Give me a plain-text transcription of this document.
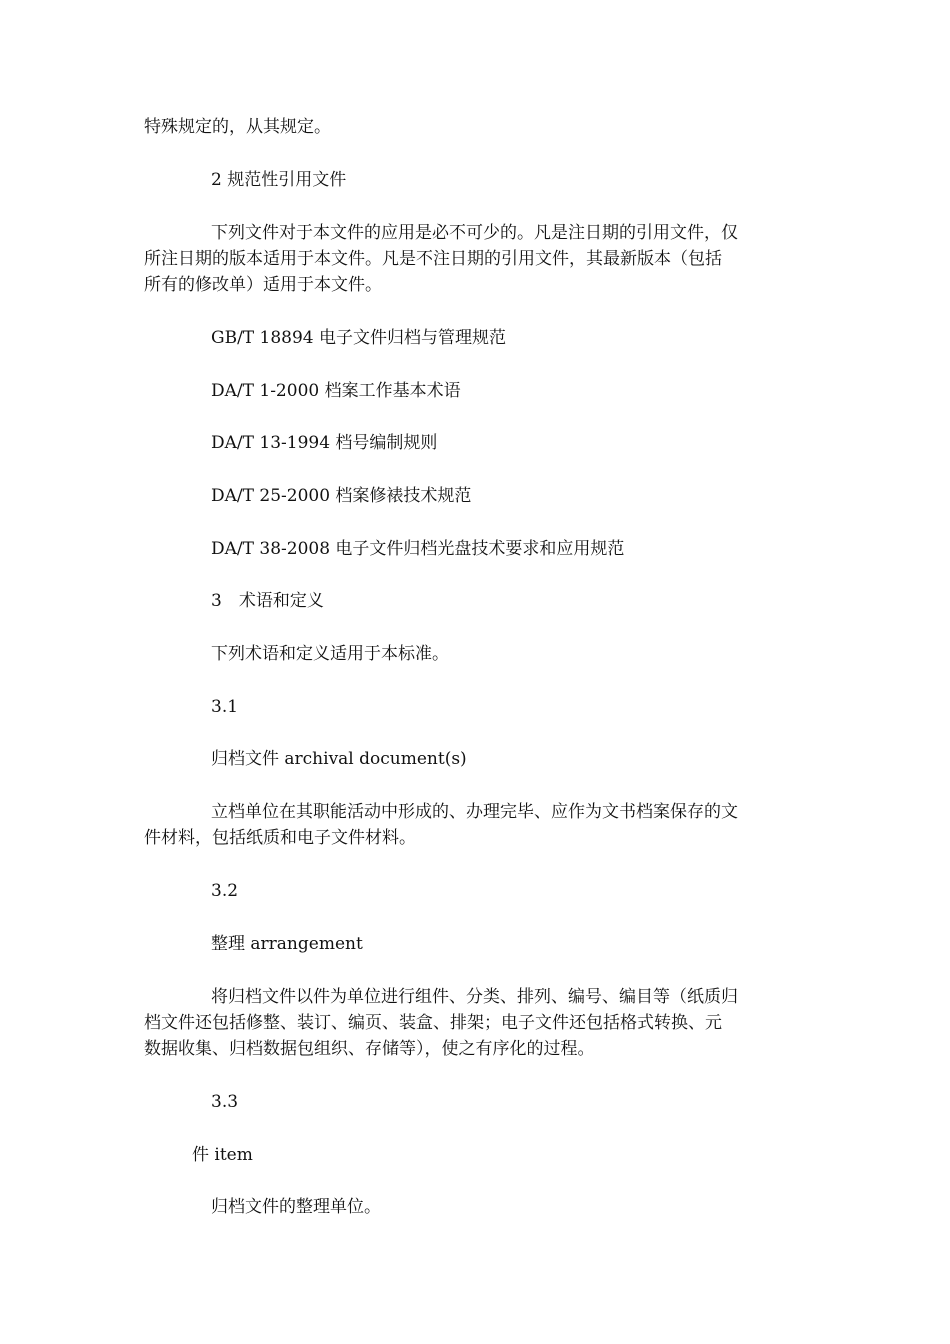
特殊规定的，从其规定。

2 规范性引用文件

下列文件对于本文件的应用是必不可少的。凡是注日期的引用文件，仅

所注日期的版本适用于本文件。凡是不注日期的引用文件，其最新版本（包括

所有的修改单）适用于本文件。

GB/T 18894 电子文件归档与管理规范

DA/T 1-2000 档案工作基本术语

DA/T 13-1994 档号编制规则

DA/T 25-2000 档案修裱技术规范

DA/T 38-2008 电子文件归档光盘技术要求和应用规范

3　术语和定义

下列术语和定义适用于本标准。

3.1

归档文件 archival document(s)

立档单位在其职能活动中形成的、办理完毕、应作为文书档案保存的文

件材料，包括纸质和电子文件材料。

3.2

整理 arrangement

将归档文件以件为单位进行组件、分类、排列、编号、编目等（纸质归

档文件还包括修整、装订、编页、装盒、排架；电子文件还包括格式转换、元

数据收集、归档数据包组织、存储等），使之有序化的过程。

3.3

件 item

归档文件的整理单位。
